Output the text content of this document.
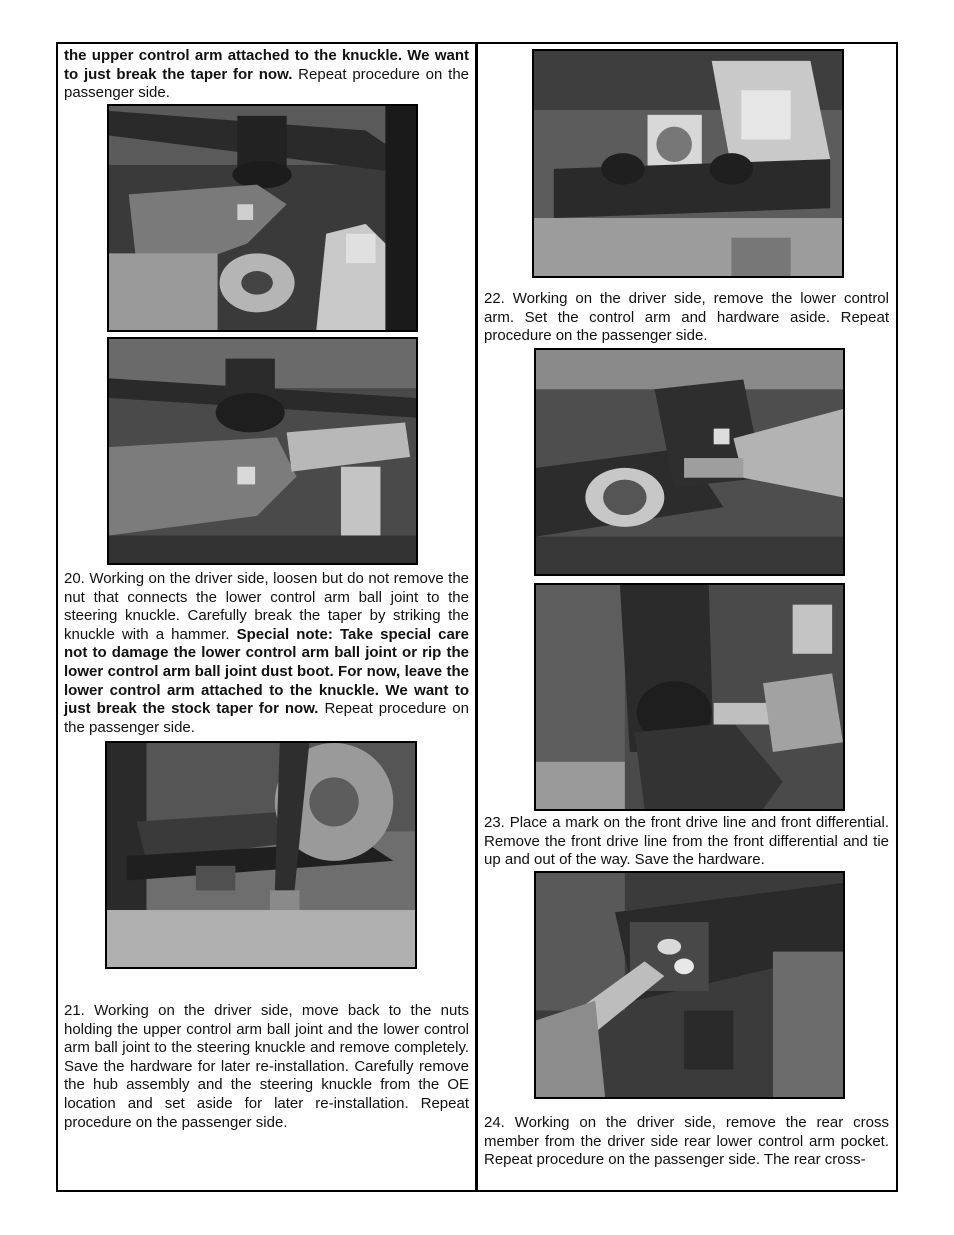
the upper control arm attached to the knuckle. We want to just break the taper for now. Repeat procedure on the passenger side.

20. Working on the driver side, loosen but do not remove the nut that connects the lower control arm ball joint to the steering knuckle. Carefully break the taper by striking the knuckle with a hammer. Special note: Take special care not to damage the lower control arm ball joint or rip the lower control arm ball joint dust boot. For now, leave the lower control arm attached to the knuckle. We want to just break the stock taper for now. Repeat procedure on the passenger side.

21. Working on the driver side, move back to the nuts holding the upper control arm ball joint and the lower control arm ball joint to the steering knuckle and remove completely. Save the hardware for later re-installation. Carefully remove the hub assembly and the steering knuckle from the OE location and set aside for later re-installation. Repeat procedure on the passenger side.

22. Working on the driver side, remove the lower control arm. Set the control arm and hardware aside. Repeat procedure on the passenger side.

23. Place a mark on the front drive line and front differential. Remove the front drive line from the front differential and tie up and out of the way. Save the hardware.

24. Working on the driver side, remove the rear cross member from the driver side rear lower control arm pocket. Repeat procedure on the passenger side. The rear cross-
